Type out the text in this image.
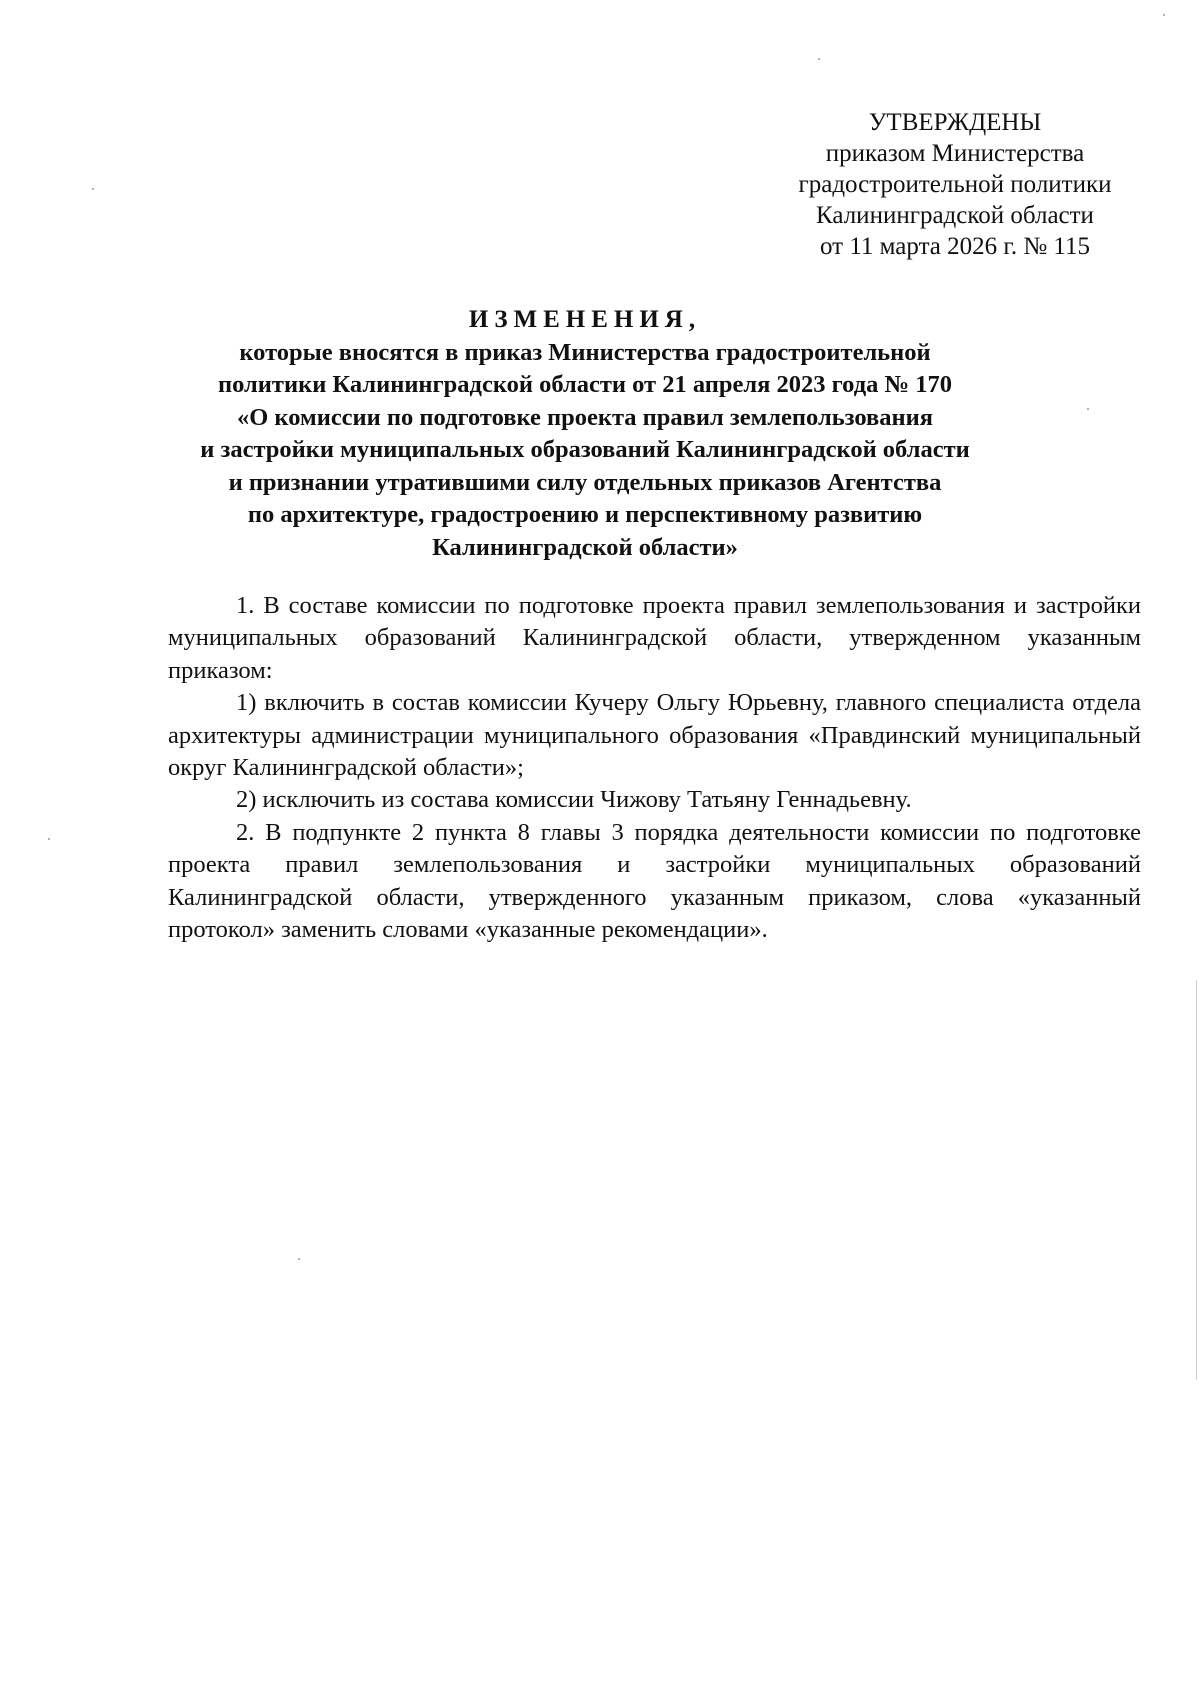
УТВЕРЖДЕНЫ
приказом Министерства
градостроительной политики
Калининградской области
от 11 марта 2026 г. № 115
ИЗМЕНЕНИЯ,
которые вносятся в приказ Министерства градостроительной
политики Калининградской области от 21 апреля 2023 года № 170
«О комиссии по подготовке проекта правил землепользования
и застройки муниципальных образований Калининградской области
и признании утратившими силу отдельных приказов Агентства
по архитектуре, градостроению и перспективному развитию
Калининградской области»

1. В составе комиссии по подготовке проекта правил землепользования и застройки муниципальных образований Калининградской области, утвержденном указанным приказом:

1) включить в состав комиссии Кучеру Ольгу Юрьевну, главного специалиста отдела архитектуры администрации муниципального образования «Правдинский муниципальный округ Калининградской области»;

2) исключить из состава комиссии Чижову Татьяну Геннадьевну.

2. В подпункте 2 пункта 8 главы 3 порядка деятельности комиссии по подготовке проекта правил землепользования и застройки муниципальных образований Калининградской области, утвержденного указанным приказом, слова «указанный протокол» заменить словами «указанные рекомендации».
